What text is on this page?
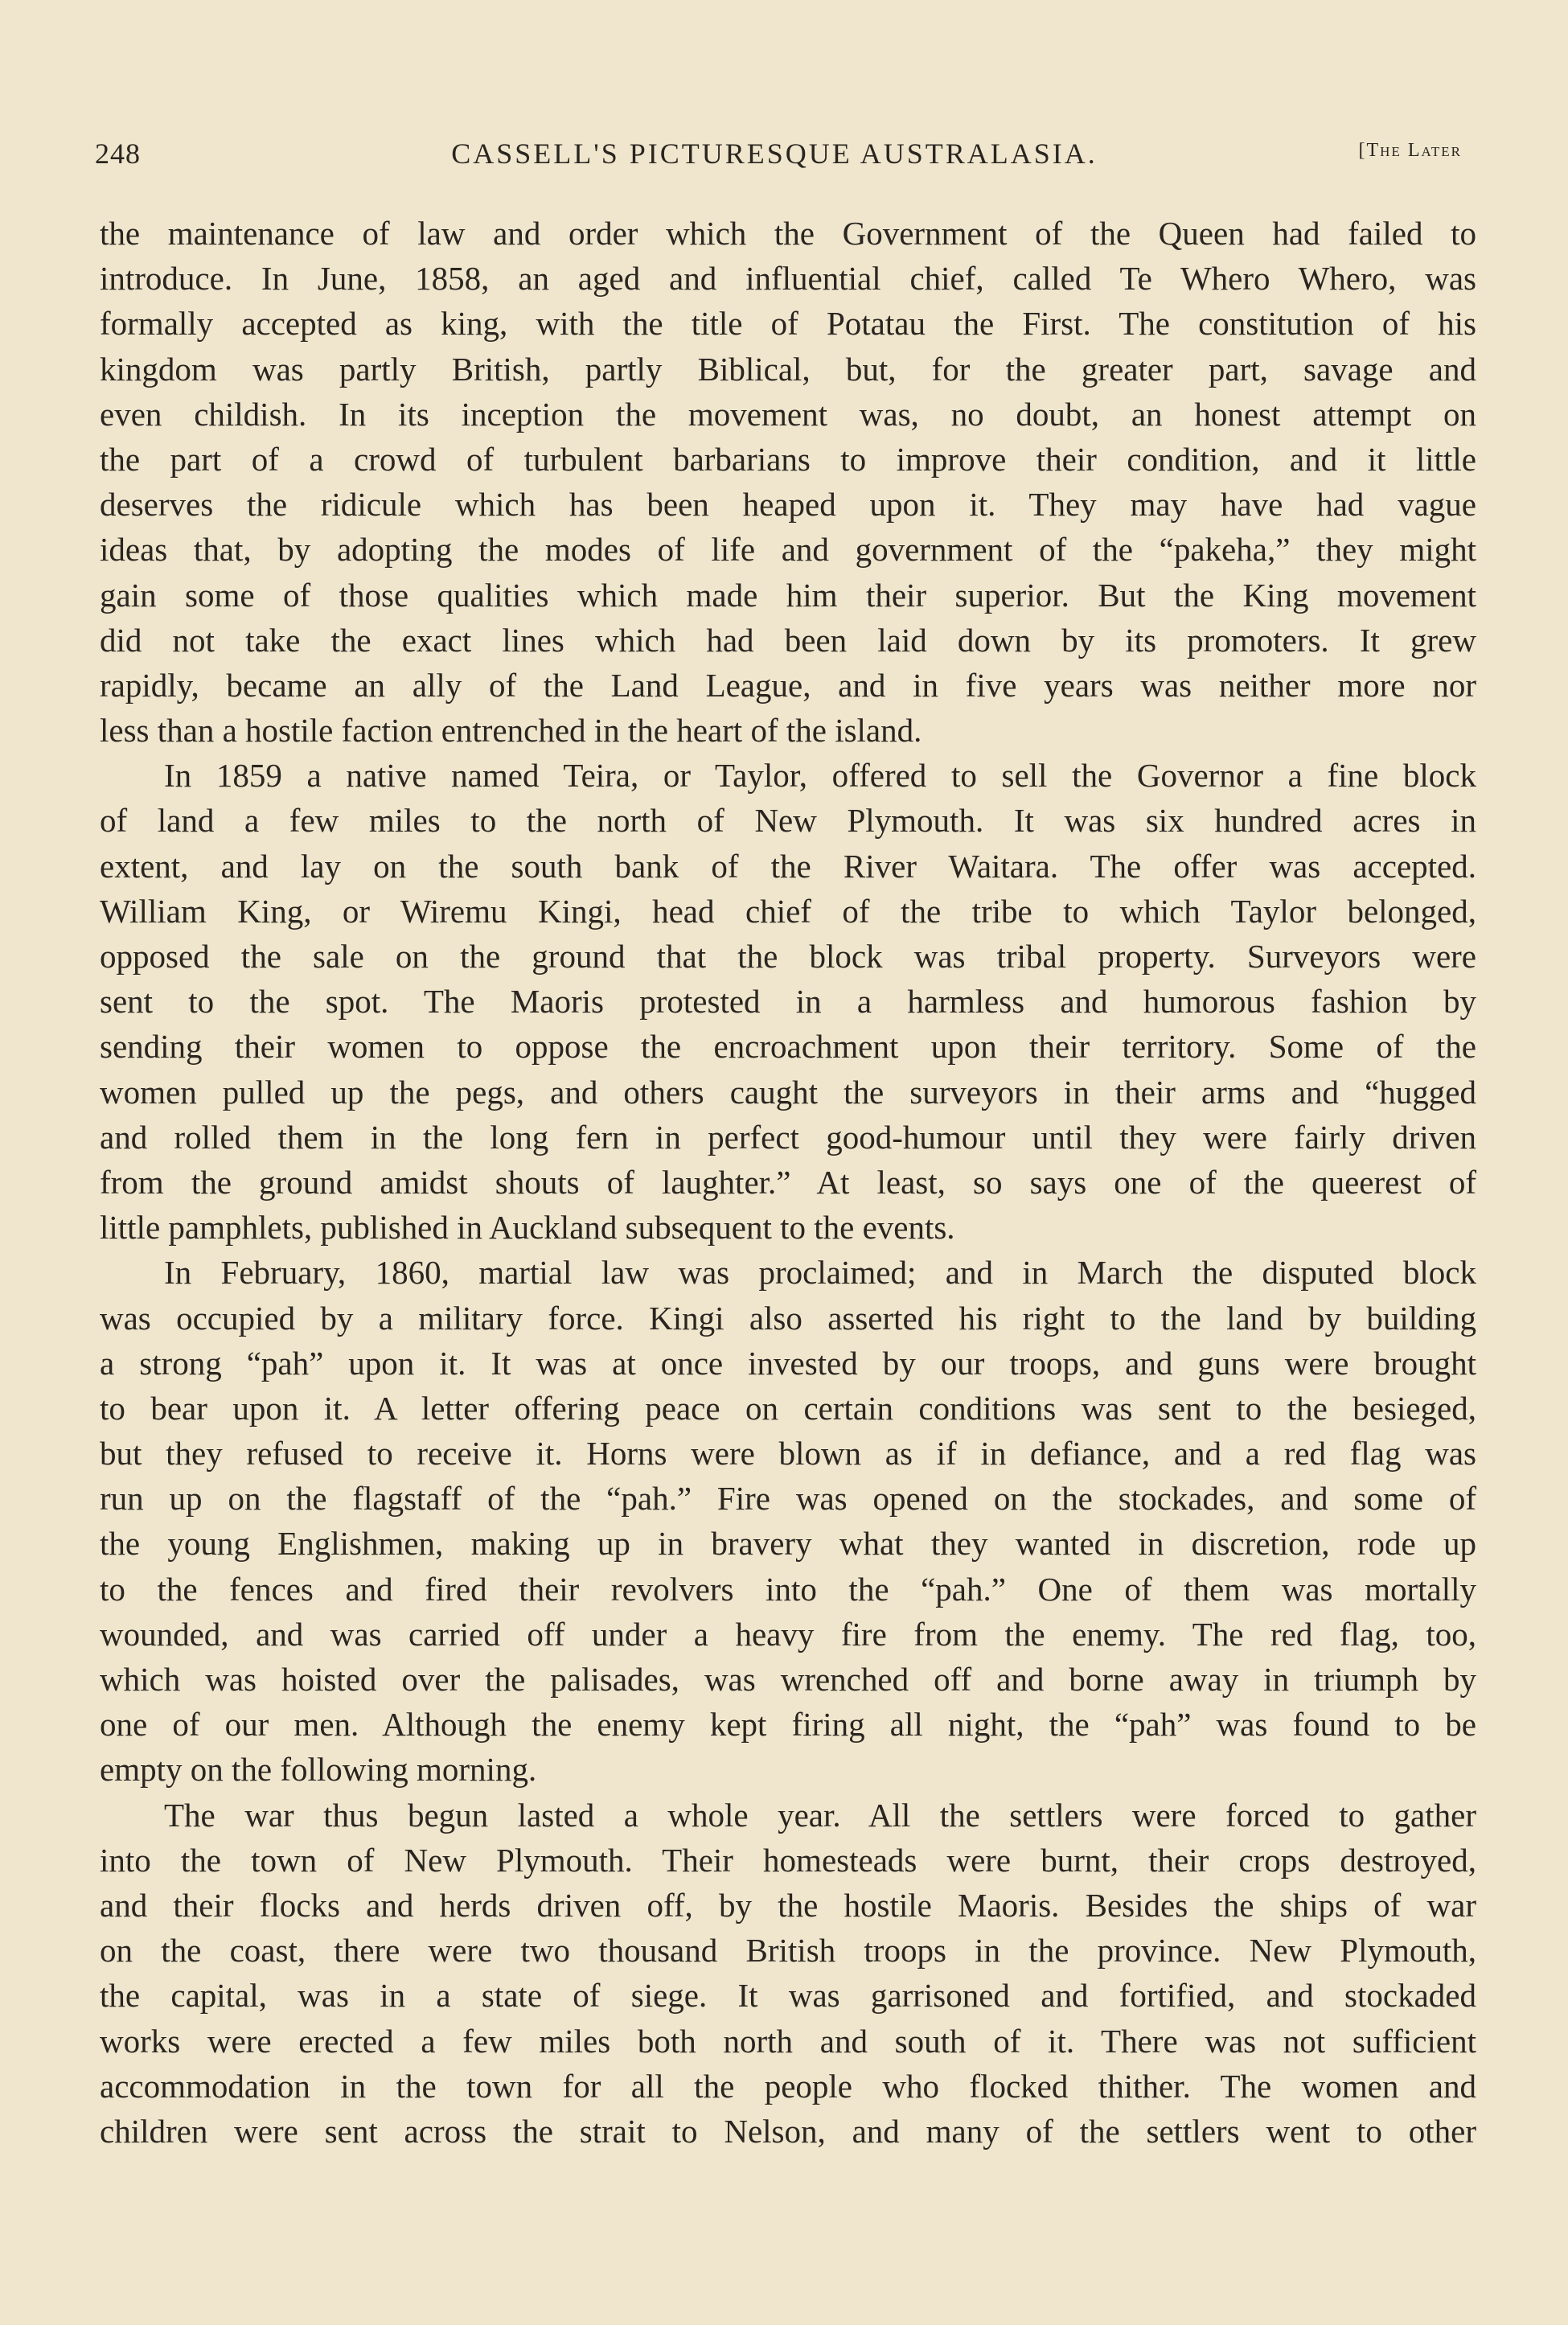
248	CASSELL'S PICTURESQUE AUSTRALASIA.	[The Later
the maintenance of law and order which the Government of the Queen had failed to
introduce. In June, 1858, an aged and influential chief, called Te Whero Whero, was
formally accepted as king, with the title of Potatau the First. The constitution of his
kingdom was partly British, partly Biblical, but, for the greater part, savage and
even childish. In its inception the movement was, no doubt, an honest attempt on
the part of a crowd of turbulent barbarians to improve their condition, and it little
deserves the ridicule which has been heaped upon it. They may have had vague
ideas that, by adopting the modes of life and government of the “pakeha,” they might
gain some of those qualities which made him their superior. But the King movement
did not take the exact lines which had been laid down by its promoters. It grew
rapidly, became an ally of the Land League, and in five years was neither more nor
less than a hostile faction entrenched in the heart of the island.
In 1859 a native named Teira, or Taylor, offered to sell the Governor a fine block
of land a few miles to the north of New Plymouth. It was six hundred acres in
extent, and lay on the south bank of the River Waitara. The offer was accepted.
William King, or Wiremu Kingi, head chief of the tribe to which Taylor belonged,
opposed the sale on the ground that the block was tribal property. Surveyors were
sent to the spot. The Maoris protested in a harmless and humorous fashion by
sending their women to oppose the encroachment upon their territory. Some of the
women pulled up the pegs, and others caught the surveyors in their arms and “hugged
and rolled them in the long fern in perfect good-humour until they were fairly driven
from the ground amidst shouts of laughter.” At least, so says one of the queerest of
little pamphlets, published in Auckland subsequent to the events.
In February, 1860, martial law was proclaimed; and in March the disputed block
was occupied by a military force. Kingi also asserted his right to the land by building
a strong “pah” upon it. It was at once invested by our troops, and guns were brought
to bear upon it. A letter offering peace on certain conditions was sent to the besieged,
but they refused to receive it. Horns were blown as if in defiance, and a red flag was
run up on the flagstaff of the “pah.” Fire was opened on the stockades, and some of
the young Englishmen, making up in bravery what they wanted in discretion, rode up
to the fences and fired their revolvers into the “pah.” One of them was mortally
wounded, and was carried off under a heavy fire from the enemy. The red flag, too,
which was hoisted over the palisades, was wrenched off and borne away in triumph by
one of our men. Although the enemy kept firing all night, the “pah” was found to be
empty on the following morning.
The war thus begun lasted a whole year. All the settlers were forced to gather
into the town of New Plymouth. Their homesteads were burnt, their crops destroyed,
and their flocks and herds driven off, by the hostile Maoris. Besides the ships of war
on the coast, there were two thousand British troops in the province. New Plymouth,
the capital, was in a state of siege. It was garrisoned and fortified, and stockaded
works were erected a few miles both north and south of it. There was not sufficient
accommodation in the town for all the people who flocked thither. The women and
children were sent across the strait to Nelson, and many of the settlers went to other
